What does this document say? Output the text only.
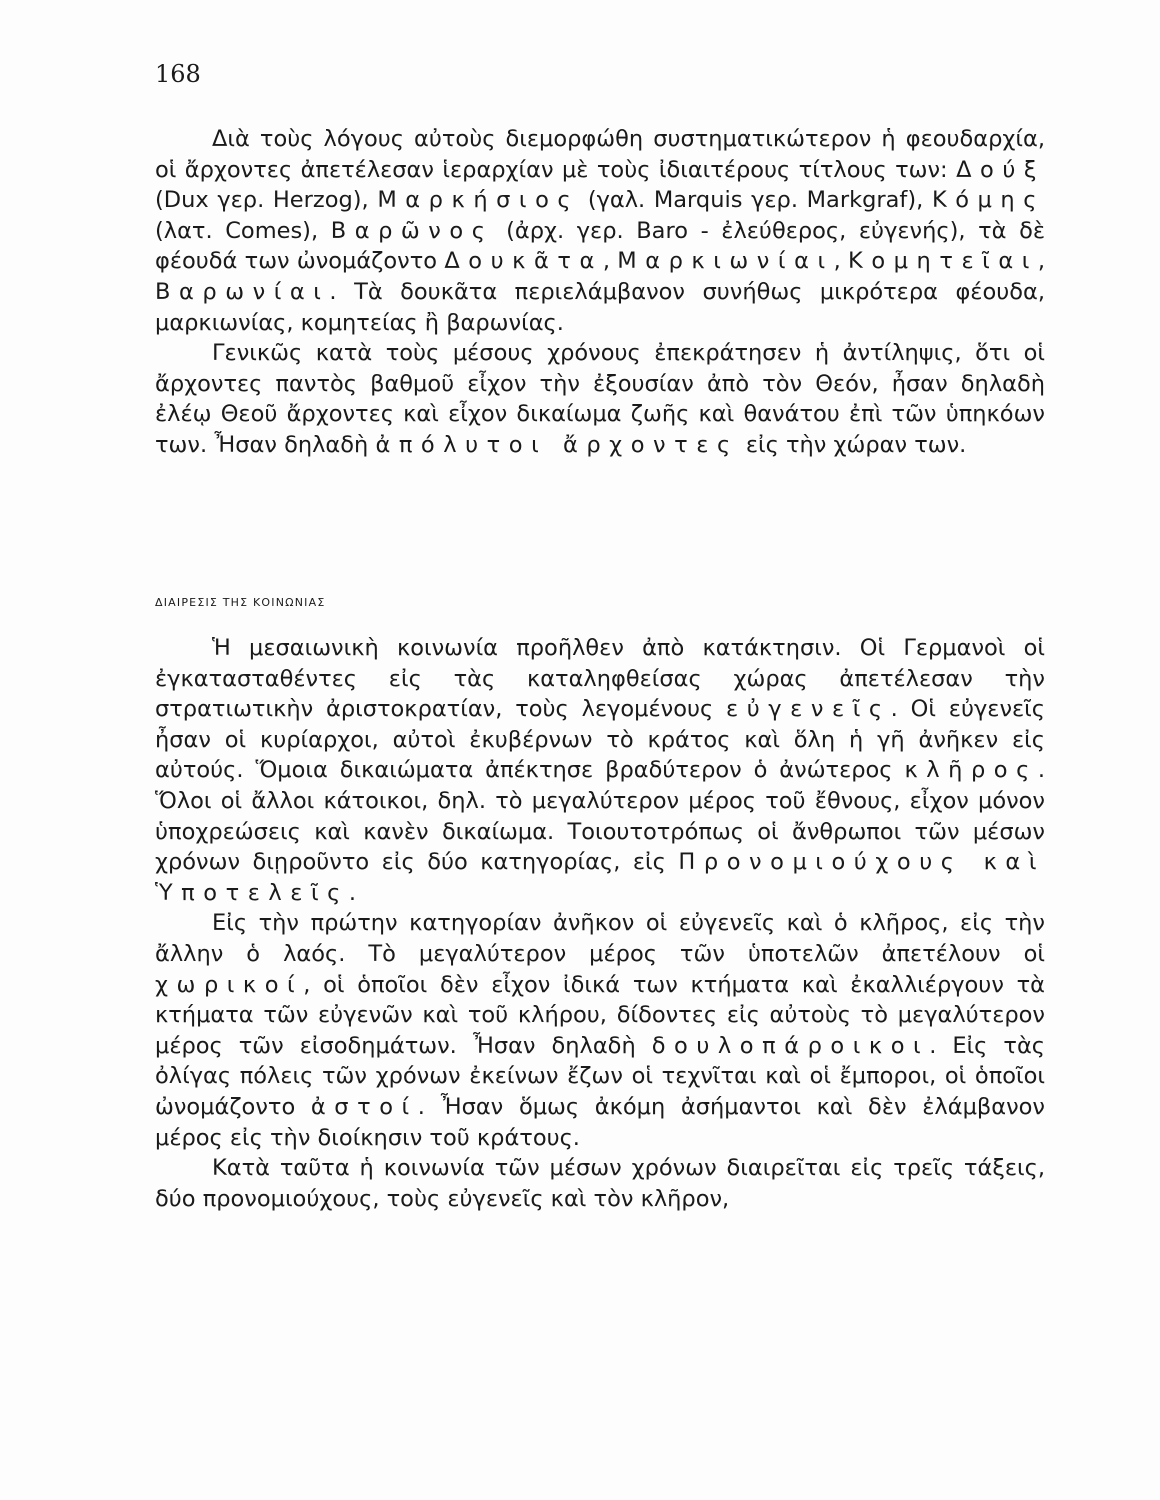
168

Διὰ τοὺς λόγους αὐτοὺς διεμορφώθη συστηματικώτερον ἡ φεουδαρχία, οἱ ἄρχοντες ἀπετέλεσαν ἱεραρχίαν μὲ τοὺς ἰδιαιτέρους τίτλους των: Δούξ (Dux γερ. Herzog), Μαρκήσιος (γαλ. Marquis γερ. Markgraf), Κόμης (λατ. Comes), Βαρῶνος (ἀρχ. γερ. Baro - ἐλεύθερος, εὐγενής), τὰ δὲ φέουδά των ὠνομάζοντο Δουκᾶτα, Μαρκιωνίαι, Κομητεῖαι, Βαρωνίαι. Τὰ δουκᾶτα περιελάμβανον συνήθως μικρότερα φέουδα, μαρκιωνίας, κομητείας ἢ βαρωνίας.

Γενικῶς κατὰ τοὺς μέσους χρόνους ἐπεκράτησεν ἡ ἀντίληψις, ὅτι οἱ ἄρχοντες παντὸς βαθμοῦ εἶχον τὴν ἐξουσίαν ἀπὸ τὸν Θεόν, ἦσαν δηλαδὴ ἐλέῳ Θεοῦ ἄρχοντες καὶ εἶχον δικαίωμα ζωῆς καὶ θανάτου ἐπὶ τῶν ὑπηκόων των. Ἦσαν δηλαδὴ ἀπόλυτοι ἄρχοντες εἰς τὴν χώραν των.

ΔΙΑΙΡΕΣΙΣ ΤΗΣ ΚΟΙΝΩΝΙΑΣ

Ἡ μεσαιωνικὴ κοινωνία προῆλθεν ἀπὸ κατάκτησιν. Οἱ Γερμανοὶ οἱ ἐγκατασταθέντες εἰς τὰς καταληφθείσας χώρας ἀπετέλεσαν τὴν στρατιωτικὴν ἀριστοκρατίαν, τοὺς λεγομένους εὐγενεῖς. Οἱ εὐγενεῖς ἦσαν οἱ κυρίαρχοι, αὐτοὶ ἐκυβέρνων τὸ κράτος καὶ ὅλη ἡ γῆ ἀνῆκεν εἰς αὐτούς. Ὅμοια δικαιώματα ἀπέκτησε βραδύτερον ὁ ἀνώτερος κλῆρος. Ὅλοι οἱ ἄλλοι κάτοικοι, δηλ. τὸ μεγαλύτερον μέρος τοῦ ἔθνους, εἶχον μόνον ὑποχρεώσεις καὶ κανὲν δικαίωμα. Τοιουτοτρόπως οἱ ἄνθρωποι τῶν μέσων χρόνων διῃροῦντο εἰς δύο κατηγορίας, εἰς Προνομιούχους καὶ Ὑποτελεῖς.

Εἰς τὴν πρώτην κατηγορίαν ἀνῆκον οἱ εὐγενεῖς καὶ ὁ κλῆρος, εἰς τὴν ἄλλην ὁ λαός. Τὸ μεγαλύτερον μέρος τῶν ὑποτελῶν ἀπετέλουν οἱ χωρικοί, οἱ ὁποῖοι δὲν εἶχον ἰδικά των κτήματα καὶ ἐκαλλιέργουν τὰ κτήματα τῶν εὐγενῶν καὶ τοῦ κλήρου, δίδοντες εἰς αὐτοὺς τὸ μεγαλύτερον μέρος τῶν εἰσοδημάτων. Ἦσαν δηλαδὴ δουλοπάροικοι. Εἰς τὰς ὀλίγας πόλεις τῶν χρόνων ἐκείνων ἔζων οἱ τεχνῖται καὶ οἱ ἔμποροι, οἱ ὁποῖοι ὠνομάζοντο ἀστοί. Ἦσαν ὅμως ἀκόμη ἀσήμαντοι καὶ δὲν ἐλάμβανον μέρος εἰς τὴν διοίκησιν τοῦ κράτους.

Κατὰ ταῦτα ἡ κοινωνία τῶν μέσων χρόνων διαιρεῖται εἰς τρεῖς τάξεις, δύο προνομιούχους, τοὺς εὐγενεῖς καὶ τὸν κλῆρον,
